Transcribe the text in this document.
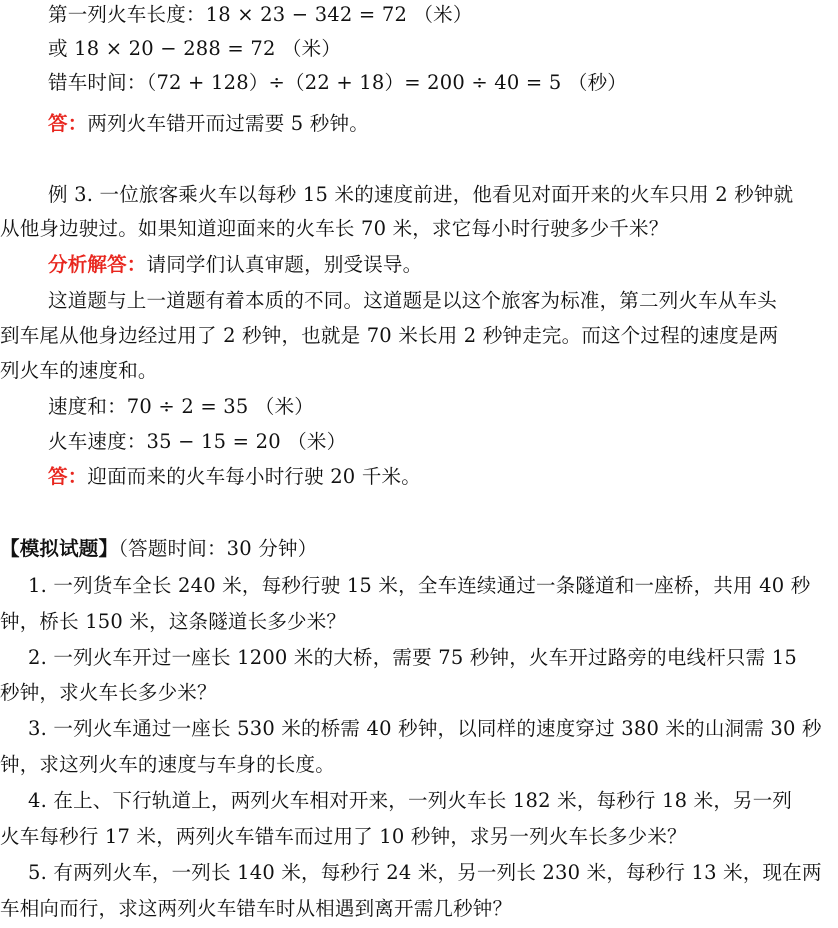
第一列火车长度：18 × 23 − 342 = 72 （米）
或 18 × 20 − 288 = 72 （米）
错车时间：（72 + 128）÷（22 + 18）= 200 ÷ 40 = 5 （秒）
答：两列火车错开而过需要 5 秒钟。
例 3. 一位旅客乘火车以每秒 15 米的速度前进，他看见对面开来的火车只用 2 秒钟就
从他身边驶过。如果知道迎面来的火车长 70 米，求它每小时行驶多少千米？
分析解答：请同学们认真审题，别受误导。
这道题与上一道题有着本质的不同。这道题是以这个旅客为标准，第二列火车从车头
到车尾从他身边经过用了 2 秒钟，也就是 70 米长用 2 秒钟走完。而这个过程的速度是两
列火车的速度和。
速度和：70 ÷ 2 = 35 （米）
火车速度：35 − 15 = 20 （米）
答：迎面而来的火车每小时行驶 20 千米。
【模拟试题】（答题时间：30 分钟）
1. 一列货车全长 240 米，每秒行驶 15 米，全车连续通过一条隧道和一座桥，共用 40 秒
钟，桥长 150 米，这条隧道长多少米？
2. 一列火车开过一座长 1200 米的大桥，需要 75 秒钟，火车开过路旁的电线杆只需 15
秒钟，求火车长多少米？
3. 一列火车通过一座长 530 米的桥需 40 秒钟，以同样的速度穿过 380 米的山洞需 30 秒
钟，求这列火车的速度与车身的长度。
4. 在上、下行轨道上，两列火车相对开来，一列火车长 182 米，每秒行 18 米，另一列
火车每秒行 17 米，两列火车错车而过用了 10 秒钟，求另一列火车长多少米？
5. 有两列火车，一列长 140 米，每秒行 24 米，另一列长 230 米，每秒行 13 米，现在两
车相向而行，求这两列火车错车时从相遇到离开需几秒钟？
